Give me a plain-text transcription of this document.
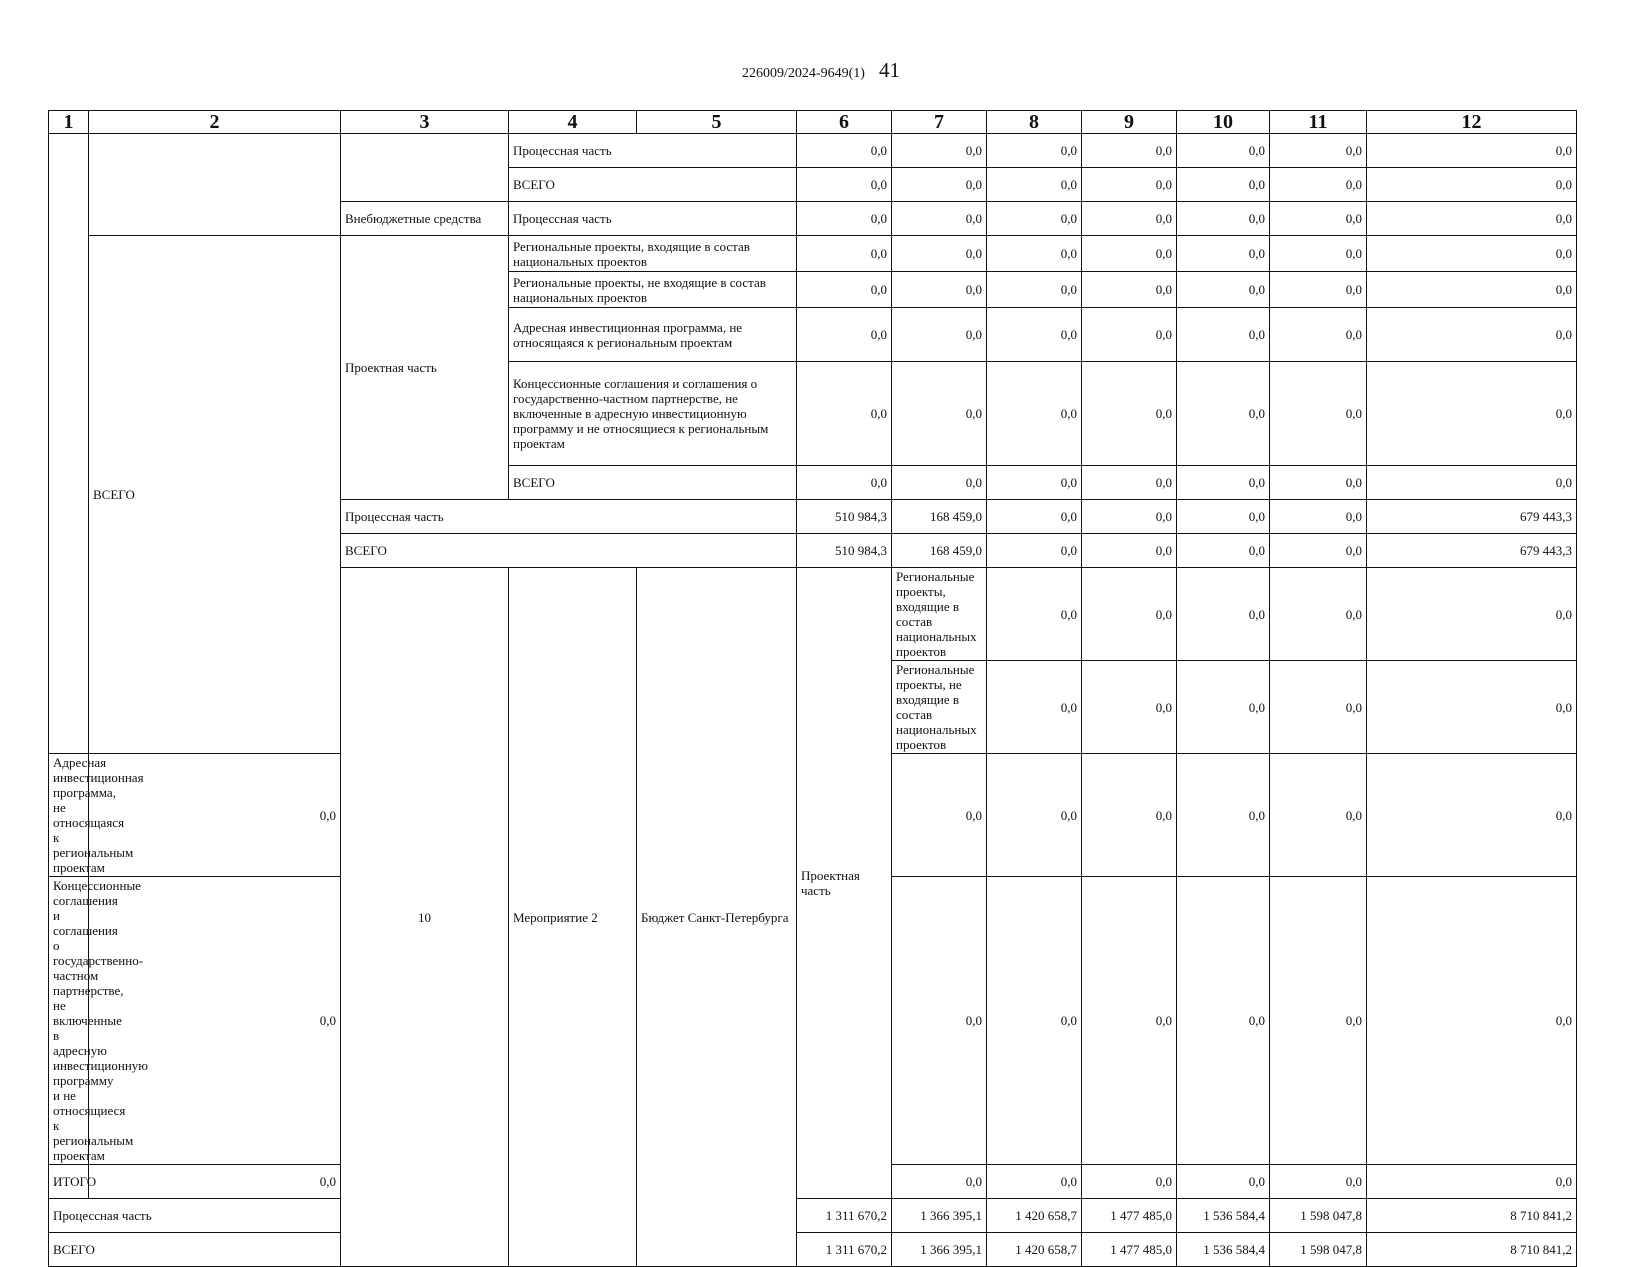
226009/2024-9649(1) 41
1	2	3	4	5	6	7	8	9	10	11	12	
			Процессная часть		0,0	0,0	0,0	0,0	0,0	0,0	0,0	
			ВСЕГО		0,0	0,0	0,0	0,0	0,0	0,0	0,0	
		Внебюджетные средства	Процессная часть		0,0	0,0	0,0	0,0	0,0	0,0	0,0	
	ВСЕГО	Проектная часть	Региональные проекты, входящие в состав национальных проектов		0,0	0,0	0,0	0,0	0,0	0,0	0,0	
			Региональные проекты, не входящие в состав национальных проектов		0,0	0,0	0,0	0,0	0,0	0,0	0,0	
			Адресная инвестиционная программа, не относящаяся к региональным проектам		0,0	0,0	0,0	0,0	0,0	0,0	0,0	
			Концессионные соглашения и соглашения о государственно-частном партнерстве, не включенные в адресную инвестиционную программу и не относящиеся к региональным проектам		0,0	0,0	0,0	0,0	0,0	0,0	0,0	
			ВСЕГО		0,0	0,0	0,0	0,0	0,0	0,0	0,0	
		Процессная часть			510 984,3	168 459,0	0,0	0,0	0,0	0,0	679 443,3	
		ВСЕГО			510 984,3	168 459,0	0,0	0,0	0,0	0,0	679 443,3	
		10	Мероприятие 2	Бюджет Санкт-Петербурга	Проектная часть	Региональные проекты, входящие в состав национальных проектов	0,0	0,0	0,0	0,0	0,0		
						Региональные проекты, не входящие в состав национальных проектов	0,0	0,0	0,0	0,0	0,0		
Адресная инвестиционная программа, не относящаяся к региональным проектам	0,0					0,0	0,0	0,0	0,0	0,0	0,0	
Концессионные соглашения и соглашения о государственно-частном партнерстве, не включенные в адресную инвестиционную программу и не относящиеся к региональным проектам	0,0					0,0	0,0	0,0	0,0	0,0	0,0	
ИТОГО	0,0					0,0	0,0	0,0	0,0	0,0	0,0	
Процессная часть					1 311 670,2	1 366 395,1	1 420 658,7	1 477 485,0	1 536 584,4	1 598 047,8	8 710 841,2	
ВСЕГО					1 311 670,2	1 366 395,1	1 420 658,7	1 477 485,0	1 536 584,4	1 598 047,8	8 710 841,2	
